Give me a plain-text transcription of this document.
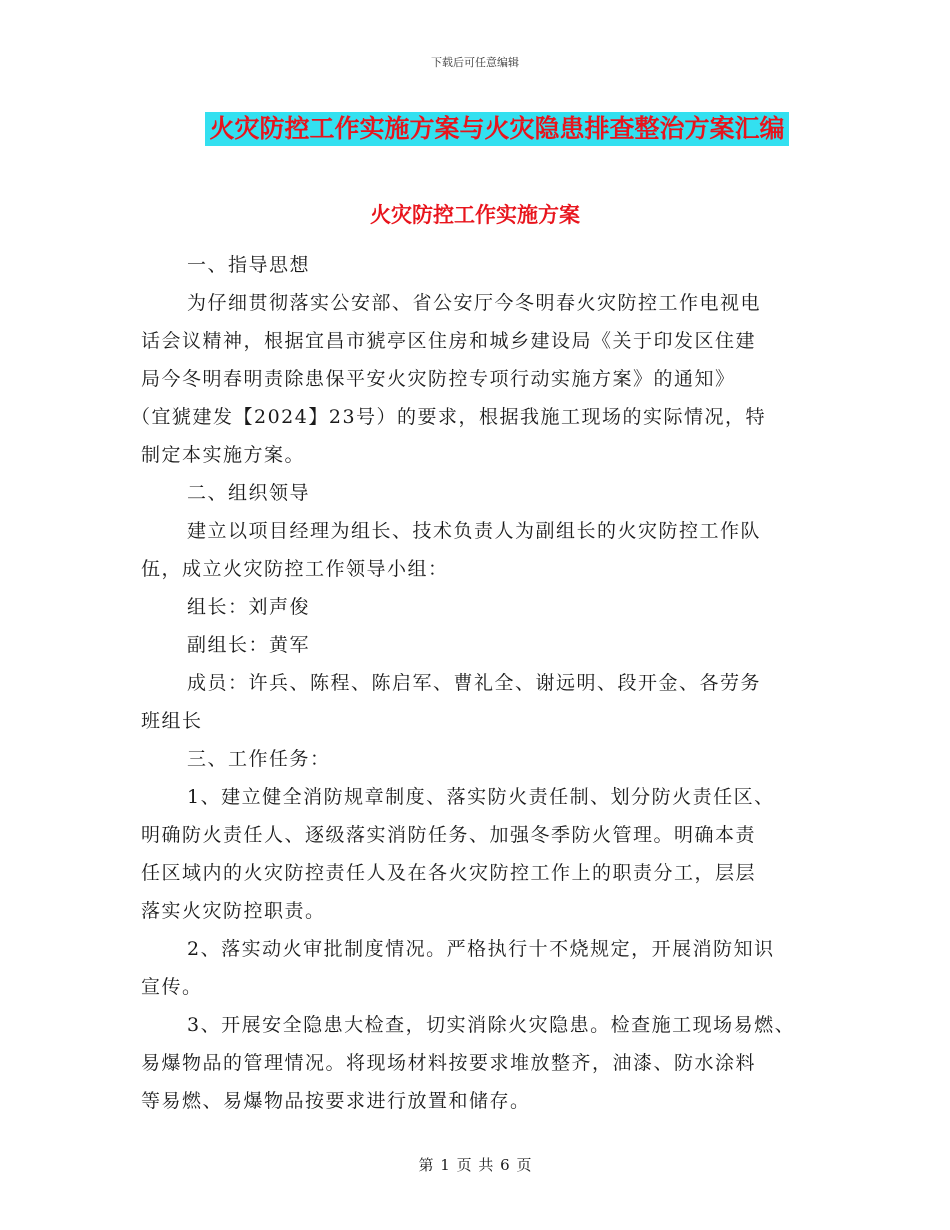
下载后可任意编辑
火灾防控工作实施方案与火灾隐患排查整治方案汇编
火灾防控工作实施方案

一、指导思想

为仔细贯彻落实公安部、省公安厅今冬明春火灾防控工作电视电

话会议精神，根据宜昌市猇亭区住房和城乡建设局《关于印发区住建

局今冬明春明责除患保平安火灾防控专项行动实施方案》的通知》

（宜猇建发【2024】23号）的要求，根据我施工现场的实际情况，特

制定本实施方案。

二、组织领导

建立以项目经理为组长、技术负责人为副组长的火灾防控工作队

伍，成立火灾防控工作领导小组：

组长：刘声俊

副组长：黄军

成员：许兵、陈程、陈启军、曹礼全、谢远明、段开金、各劳务

班组长

三、工作任务：

1、建立健全消防规章制度、落实防火责任制、划分防火责任区、

明确防火责任人、逐级落实消防任务、加强冬季防火管理。明确本责

任区域内的火灾防控责任人及在各火灾防控工作上的职责分工，层层

落实火灾防控职责。

2、落实动火审批制度情况。严格执行十不烧规定，开展消防知识

宣传。

3、开展安全隐患大检查，切实消除火灾隐患。检查施工现场易燃、

易爆物品的管理情况。将现场材料按要求堆放整齐，油漆、防水涂料

等易燃、易爆物品按要求进行放置和储存。

第 1 页 共 6 页
